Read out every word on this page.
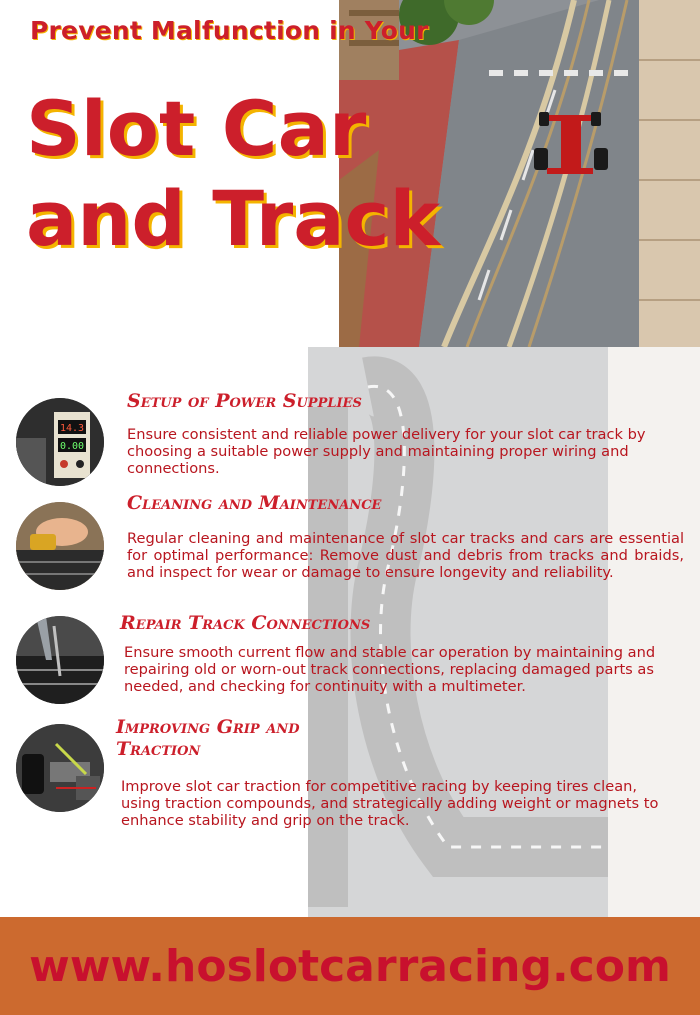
Prevent Malfunction in Your
Slot Car
and Track
14.3
0.00
Setup of Power Supplies
Ensure consistent and reliable power delivery for your slot car track by choosing a suitable power supply and maintaining proper wiring and connections.
Cleaning and Maintenance
Regular cleaning and maintenance of slot car tracks and cars are essential for optimal performance: Remove dust and debris from tracks and braids, and inspect for wear or damage to ensure longevity and reliability.
Repair Track Connections
Ensure smooth current flow and stable car operation by maintaining and repairing old or worn-out track connections, replacing damaged parts as needed, and checking for continuity with a multimeter.
Improving Grip and
Traction
Improve slot car traction for competitive racing by keeping tires clean, using traction compounds, and strategically adding weight or magnets to enhance stability and grip on the track.
www.hoslotcarracing.com
